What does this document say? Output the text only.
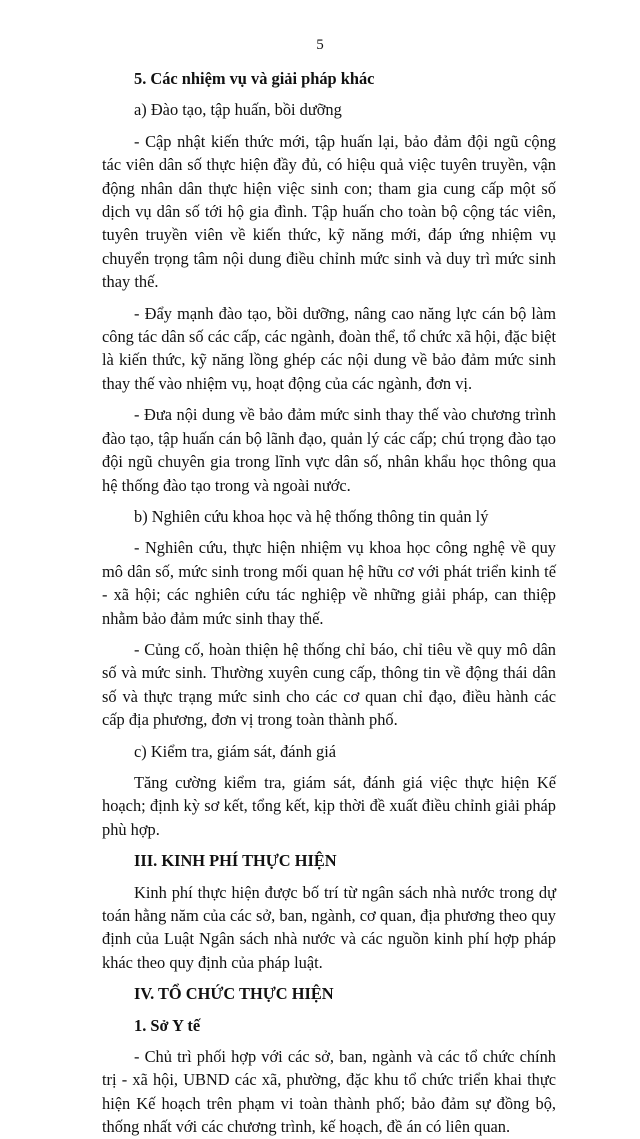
5

5. Các nhiệm vụ và giải pháp khác

a) Đào tạo, tập huấn, bồi dưỡng

- Cập nhật kiến thức mới, tập huấn lại, bảo đảm đội ngũ cộng tác viên dân số thực hiện đầy đủ, có hiệu quả việc tuyên truyền, vận động nhân dân thực hiện việc sinh con; tham gia cung cấp một số dịch vụ dân số tới hộ gia đình. Tập huấn cho toàn bộ cộng tác viên, tuyên truyền viên về kiến thức, kỹ năng mới, đáp ứng nhiệm vụ chuyển trọng tâm nội dung điều chỉnh mức sinh và duy trì mức sinh thay thế.

- Đẩy mạnh đào tạo, bồi dưỡng, nâng cao năng lực cán bộ làm công tác dân số các cấp, các ngành, đoàn thể, tổ chức xã hội, đặc biệt là kiến thức, kỹ năng lồng ghép các nội dung về bảo đảm mức sinh thay thế vào nhiệm vụ, hoạt động của các ngành, đơn vị.

- Đưa nội dung về bảo đảm mức sinh thay thế vào chương trình đào tạo, tập huấn cán bộ lãnh đạo, quản lý các cấp; chú trọng đào tạo đội ngũ chuyên gia trong lĩnh vực dân số, nhân khẩu học thông qua hệ thống đào tạo trong và ngoài nước.

b) Nghiên cứu khoa học và hệ thống thông tin quản lý

- Nghiên cứu, thực hiện nhiệm vụ khoa học công nghệ về quy mô dân số, mức sinh trong mối quan hệ hữu cơ với phát triển kinh tế - xã hội; các nghiên cứu tác nghiệp về những giải pháp, can thiệp nhằm bảo đảm mức sinh thay thế.

- Củng cố, hoàn thiện hệ thống chỉ báo, chỉ tiêu về quy mô dân số và mức sinh. Thường xuyên cung cấp, thông tin về động thái dân số và thực trạng mức sinh cho các cơ quan chỉ đạo, điều hành các cấp địa phương, đơn vị trong toàn thành phố.

c) Kiểm tra, giám sát, đánh giá

Tăng cường kiểm tra, giám sát, đánh giá việc thực hiện Kế hoạch; định kỳ sơ kết, tổng kết, kịp thời đề xuất điều chỉnh giải pháp phù hợp.

III. KINH PHÍ THỰC HIỆN

Kinh phí thực hiện được bố trí từ ngân sách nhà nước trong dự toán hằng năm của các sở, ban, ngành, cơ quan, địa phương theo quy định của Luật Ngân sách nhà nước và các nguồn kinh phí hợp pháp khác theo quy định của pháp luật.

IV. TỔ CHỨC THỰC HIỆN

1. Sở Y tế

- Chủ trì phối hợp với các sở, ban, ngành và các tổ chức chính trị - xã hội, UBND các xã, phường, đặc khu tổ chức triển khai thực hiện Kế hoạch trên phạm vi toàn thành phố; bảo đảm sự đồng bộ, thống nhất với các chương trình, kế hoạch, đề án có liên quan.
